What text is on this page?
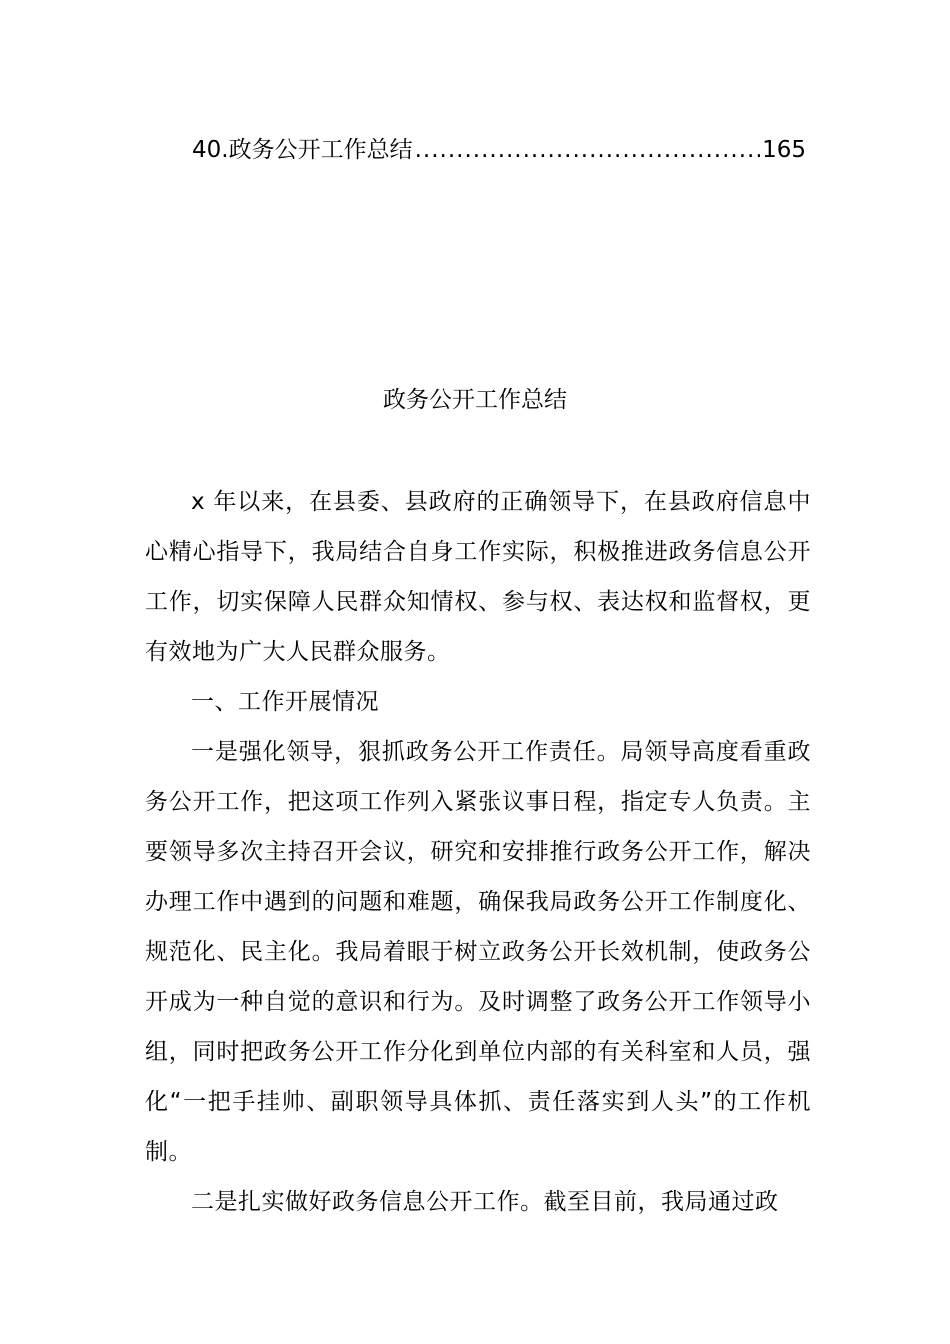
40.政务公开工作总结
.....	165
政务公开工作总结

x 年以来，在县委、县政府的正确领导下，在县政府信息中心精心指导下，我局结合自身工作实际，积极推进政务信息公开工作，切实保障人民群众知情权、参与权、表达权和监督权，更有效地为广大人民群众服务。

一、工作开展情况

一是强化领导，狠抓政务公开工作责任。局领导高度看重政务公开工作，把这项工作列入紧张议事日程，指定专人负责。主要领导多次主持召开会议，研究和安排推行政务公开工作，解决办理工作中遇到的问题和难题，确保我局政务公开工作制度化、规范化、民主化。我局着眼于树立政务公开长效机制，使政务公开成为一种自觉的意识和行为。及时调整了政务公开工作领导小组，同时把政务公开工作分化到单位内部的有关科室和人员，强化“一把手挂帅、副职领导具体抓、责任落实到人头”的工作机制。

二是扎实做好政务信息公开工作。截至目前，我局通过政
